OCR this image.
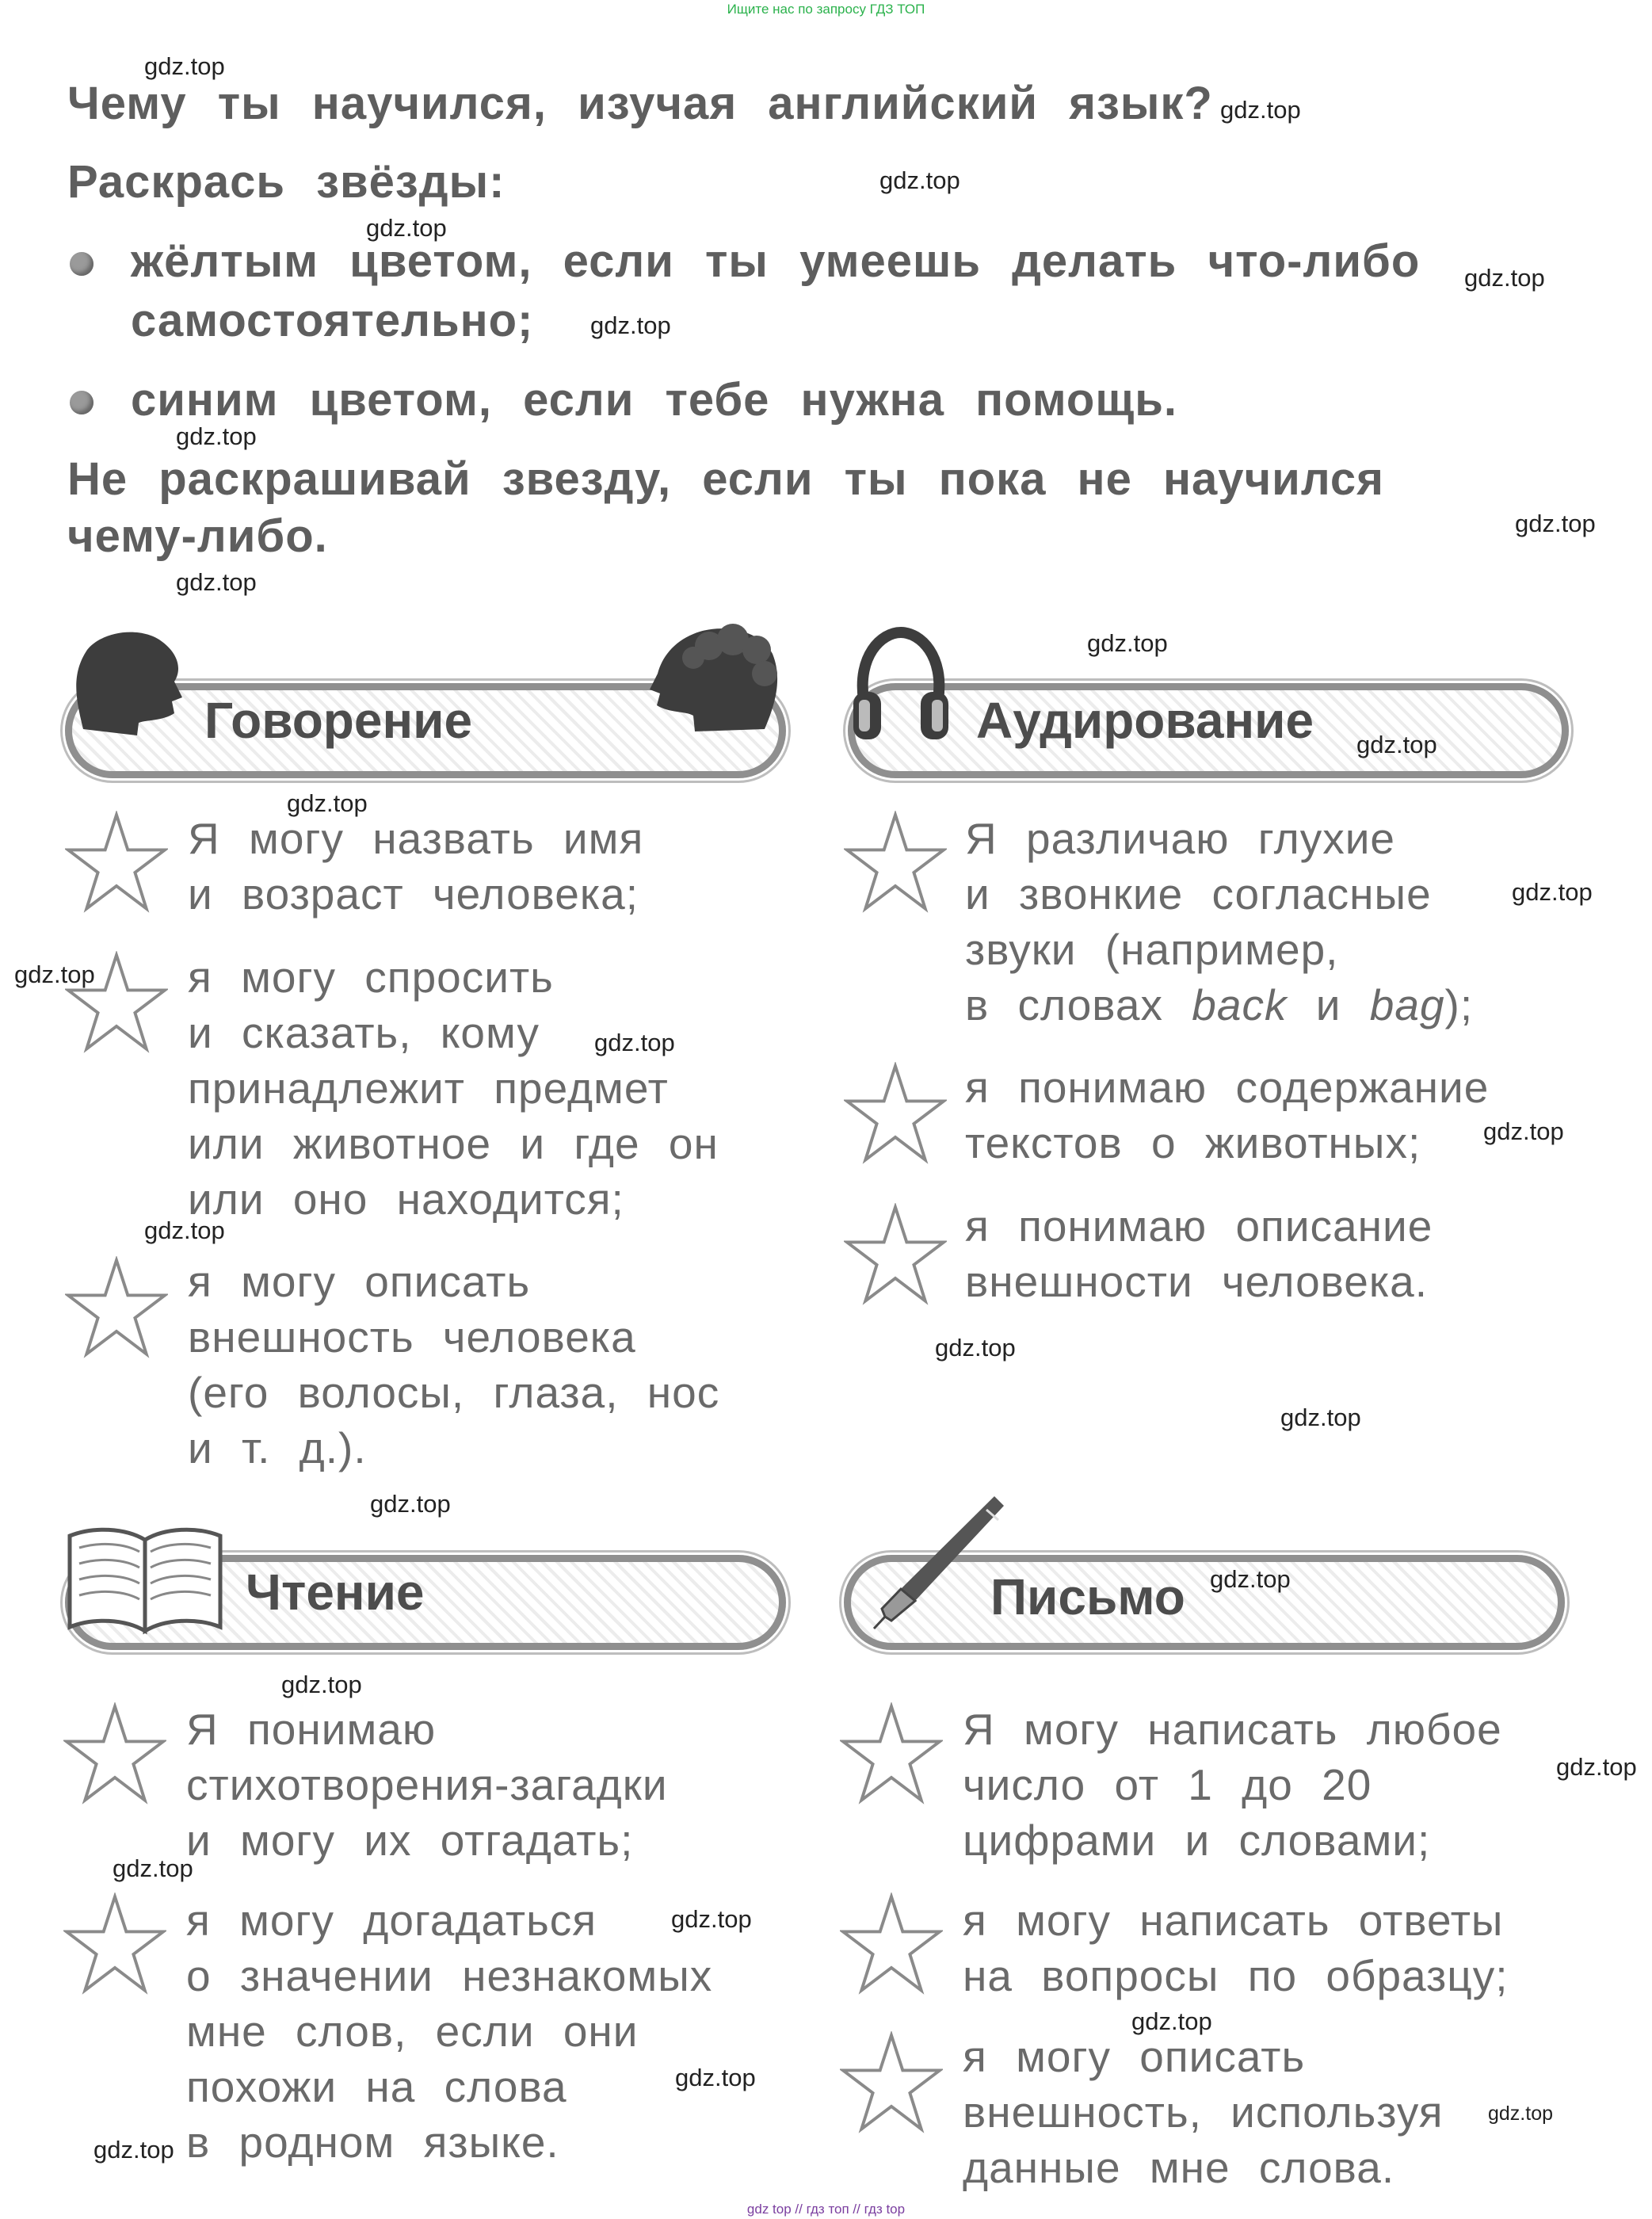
Ищите нас по запросу ГДЗ ТОП
gdz top // гдз топ // гдз top
Чему ты научился, изучая английский язык?
Раскрась звёзды:
жёлтым цветом, если ты умеешь делать что-либо
самостоятельно;
синим цветом, если тебе нужна помощь.
Не раскрашивай звезду, если ты пока не научился
чему-либо.
Говорение
Я могу назвать имя
и возраст человека;
я могу спросить
и сказать, кому
принадлежит предмет
или животное и где он
или оно находится;
я могу описать
внешность человека
(его волосы, глаза, нос
и т. д.).
Аудирование
Я различаю глухие
и звонкие согласные
звуки (например,
в словах back и bag);
я понимаю содержание
текстов о животных;
я понимаю описание
внешности человека.
Чтение
Я понимаю
стихотворения-загадки
и могу их отгадать;
я могу догадаться
о значении незнакомых
мне слов, если они
похожи на слова
в родном языке.
Письмо
Я могу написать любое
число от 1 до 20
цифрами и словами;
я могу написать ответы
на вопросы по образцу;
я могу описать
внешность, используя
данные мне слова.
gdz.top
gdz.top
gdz.top
gdz.top
gdz.top
gdz.top
gdz.top
gdz.top
gdz.top
gdz.top
gdz.top
gdz.top
gdz.top
gdz.top
gdz.top
gdz.top
gdz.top
gdz.top
gdz.top
gdz.top
gdz.top
gdz.top
gdz.top
gdz.top
gdz.top
gdz.top
gdz.top
gdz.top
gdz.top
